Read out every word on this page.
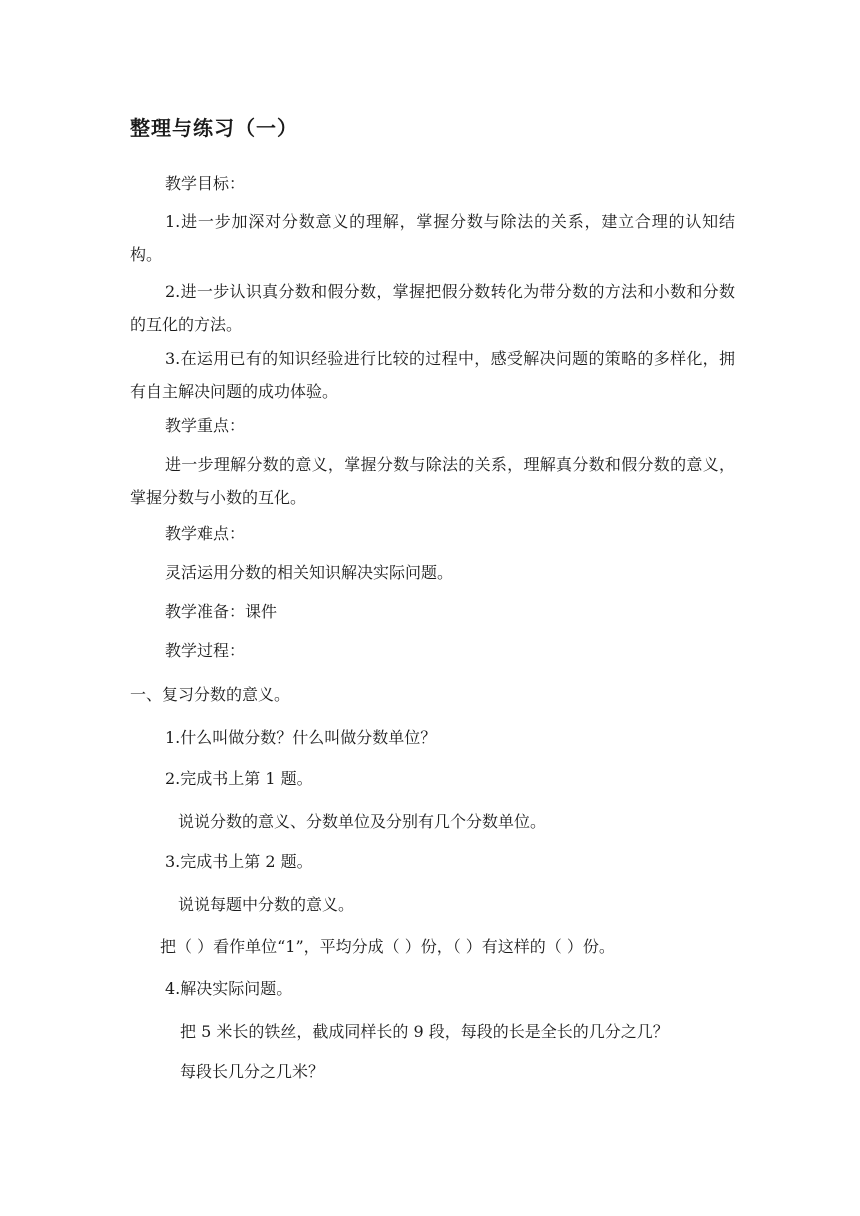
整理与练习（一）
教学目标：
1.进一步加深对分数意义的理解，掌握分数与除法的关系，建立合理的认知结构。
2.进一步认识真分数和假分数，掌握把假分数转化为带分数的方法和小数和分数的互化的方法。
3.在运用已有的知识经验进行比较的过程中，感受解决问题的策略的多样化，拥有自主解决问题的成功体验。
教学重点：
进一步理解分数的意义，掌握分数与除法的关系，理解真分数和假分数的意义，掌握分数与小数的互化。
教学难点：
灵活运用分数的相关知识解决实际问题。
教学准备：课件
教学过程：
一、复习分数的意义。
1.什么叫做分数？什么叫做分数单位？
2.完成书上第 1 题。
说说分数的意义、分数单位及分别有几个分数单位。
3.完成书上第 2 题。
说说每题中分数的意义。
把（ ）看作单位“1”，平均分成（ ）份，（ ）有这样的（ ）份。
4.解决实际问题。
把 5 米长的铁丝，截成同样长的 9 段，每段的长是全长的几分之几？
每段长几分之几米？
